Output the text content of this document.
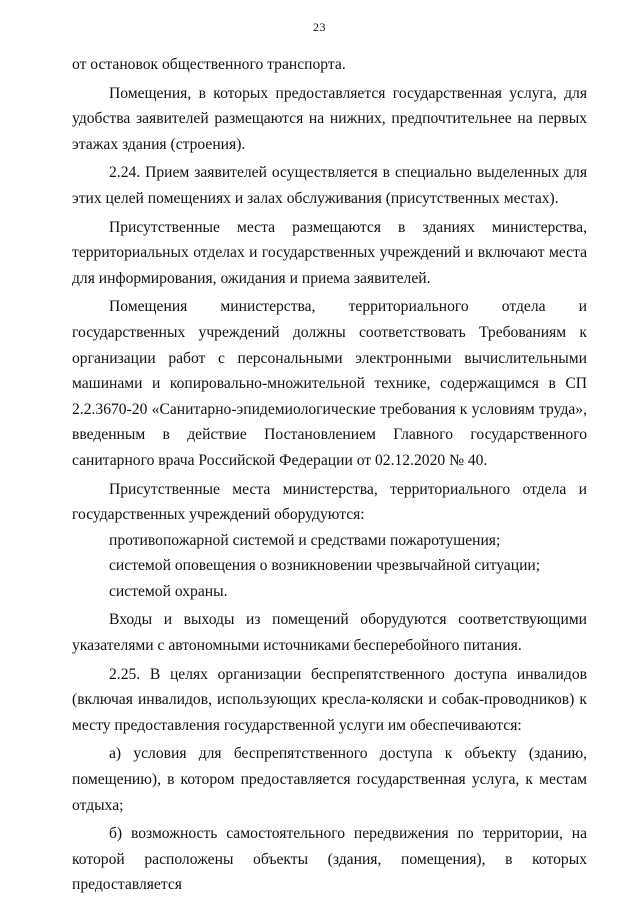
23

от остановок общественного транспорта.

Помещения, в которых предоставляется государственная услуга, для удобства заявителей размещаются на нижних, предпочтительнее на первых этажах здания (строения).

2.24. Прием заявителей осуществляется в специально выделенных для этих целей помещениях и залах обслуживания (присутственных местах).

Присутственные места размещаются в зданиях министерства, территориальных отделах и государственных учреждений и включают места для информирования, ожидания и приема заявителей.

Помещения министерства, территориального отдела и государственных учреждений должны соответствовать Требованиям к организации работ с персональными электронными вычислительными машинами и копировально-множительной технике, содержащимся в СП 2.2.3670-20 «Санитарно-эпидемиологические требования к условиям труда», введенным в действие Постановлением Главного государственного санитарного врача Российской Федерации от 02.12.2020 № 40.

Присутственные места министерства, территориального отдела и государственных учреждений оборудуются:

противопожарной системой и средствами пожаротушения;

системой оповещения о возникновении чрезвычайной ситуации;

системой охраны.

Входы и выходы из помещений оборудуются соответствующими указателями с автономными источниками бесперебойного питания.

2.25. В целях организации беспрепятственного доступа инвалидов (включая инвалидов, использующих кресла-коляски и собак-проводников) к месту предоставления государственной услуги им обеспечиваются:

а) условия для беспрепятственного доступа к объекту (зданию, помещению), в котором предоставляется государственная услуга, к местам отдыха;

б) возможность самостоятельного передвижения по территории, на которой расположены объекты (здания, помещения), в которых предоставляется
